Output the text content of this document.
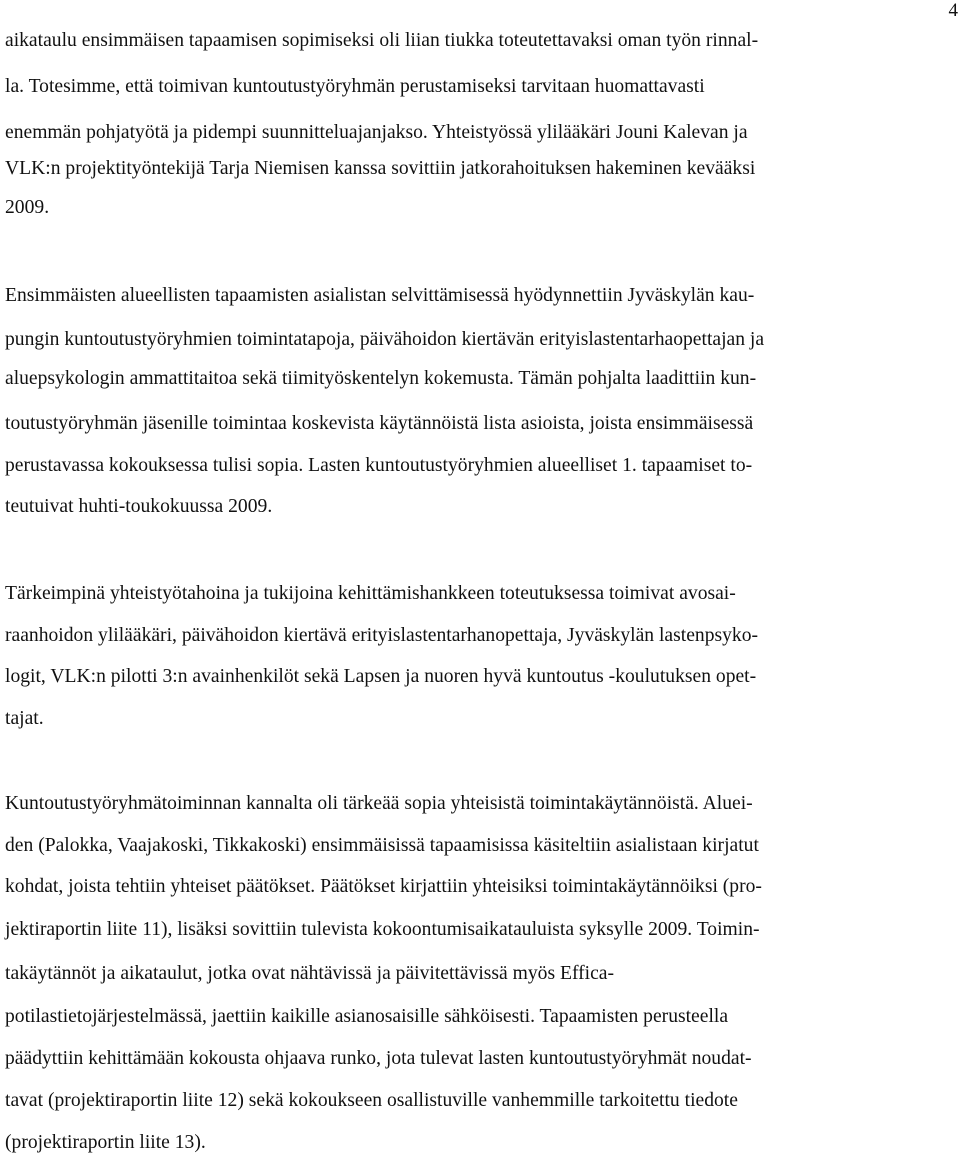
4

aikataulu ensimmäisen tapaamisen sopimiseksi oli liian tiukka toteutettavaksi oman työn rinnal-

la. Totesimme, että toimivan kuntoutustyöryhmän perustamiseksi tarvitaan huomattavasti

enemmän pohjatyötä ja pidempi suunnitteluajanjakso. Yhteistyössä ylilääkäri Jouni Kalevan ja

VLK:n projektityöntekijä Tarja Niemisen kanssa sovittiin jatkorahoituksen hakeminen kevääksi

2009.

Ensimmäisten alueellisten tapaamisten asialistan selvittämisessä hyödynnettiin Jyväskylän kau-

pungin kuntoutustyöryhmien toimintatapoja, päivähoidon kiertävän erityislastentarhaopettajan ja

aluepsykologin ammattitaitoa sekä tiimityöskentelyn kokemusta. Tämän pohjalta laadittiin kun-

toutustyöryhmän jäsenille toimintaa koskevista käytännöistä lista asioista, joista ensimmäisessä

perustavassa kokouksessa tulisi sopia. Lasten kuntoutustyöryhmien alueelliset 1. tapaamiset to-

teutuivat huhti-toukokuussa 2009.

Tärkeimpinä yhteistyötahoina ja tukijoina kehittämishankkeen toteutuksessa toimivat avosai-

raanhoidon ylilääkäri, päivähoidon kiertävä erityislastentarhanopettaja, Jyväskylän lastenpsyko-

logit, VLK:n pilotti 3:n avainhenkilöt sekä Lapsen ja nuoren hyvä kuntoutus -koulutuksen opet-

tajat.

Kuntoutustyöryhmätoiminnan kannalta oli tärkeää sopia yhteisistä toimintakäytännöistä. Aluei-

den (Palokka, Vaajakoski, Tikkakoski) ensimmäisissä tapaamisissa käsiteltiin asialistaan kirjatut

kohdat, joista tehtiin yhteiset päätökset. Päätökset kirjattiin yhteisiksi toimintakäytännöiksi (pro-

jektiraportin liite 11), lisäksi sovittiin tulevista kokoontumisaikatauluista syksylle 2009. Toimin-

takäytännöt ja aikataulut, jotka ovat nähtävissä ja päivitettävissä myös Effica-

potilastietojärjestelmässä, jaettiin kaikille asianosaisille sähköisesti. Tapaamisten perusteella

päädyttiin kehittämään kokousta ohjaava runko, jota tulevat lasten kuntoutustyöryhmät noudat-

tavat (projektiraportin liite 12) sekä kokoukseen osallistuville vanhemmille tarkoitettu tiedote

(projektiraportin liite 13).
